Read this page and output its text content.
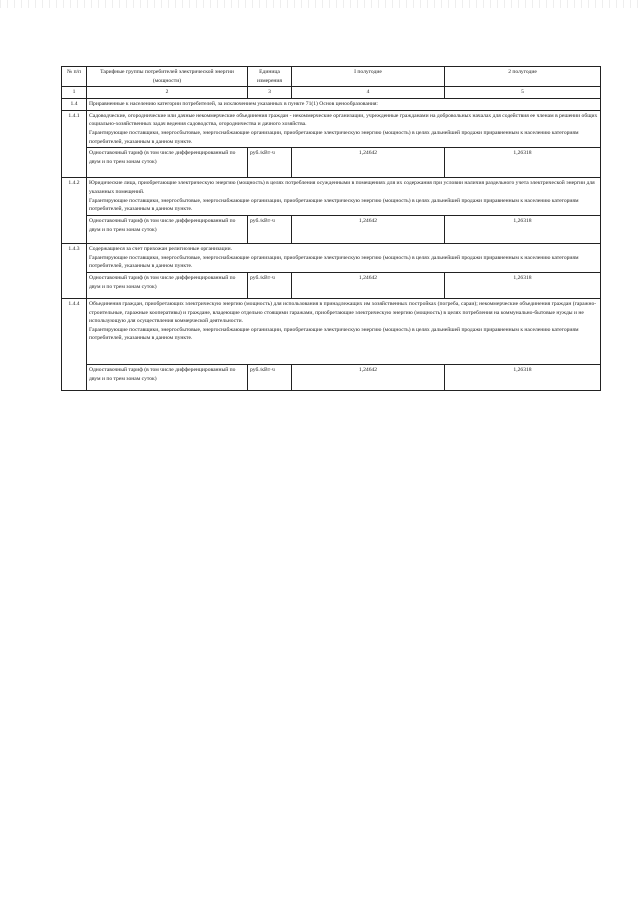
№ п/п	Тарифные группы потребителей электрической энергии (мощности)	Единица измерения	I полугодие	2 полугодие
1	2	3	4	5
1.4	Приравненные к населению категории потребителей, за исключением указанных в пункте 71(1) Основ ценообразования:			
1.4.1	Садоводческие, огороднические или дачные некоммерческие объединения граждан - некоммерческие организации, учрежденные гражданами на добровольных началах для содействия ее членам в решении общих социально-хозяйственных задач ведения садоводства, огородничества и дачного хозяйства.
Гарантирующие поставщики, энергосбытовые, энергоснабжающие организации, приобретающие электрическую энергию (мощность) в целях дальнейшей продажи приравненным к населению категориям потребителей, указанным в данном пункте.			

	Одноставочный тариф (в том числе дифференцированный по двум и по трем зонам суток)	руб./кВт·ч	1,24642	1,26318
1.4.2	Юридические лица, приобретающие электрическую энергию (мощность) в целях потребления осужденными в помещениях для их содержания при условии наличия раздельного учета электрической энергии для указанных помещений.
Гарантирующие поставщики, энергосбытовые, энергоснабжающие организации, приобретающие электрическую энергию (мощность) в целях дальнейшей продажи приравненным к населению категориям потребителей, указанным в данном пункте.			

	Одноставочный тариф (в том числе дифференцированный по двум и по трем зонам суток)	руб./кВт·ч	1,24642	1,26318
1.4.3	Содержащиеся за счет прихожан религиозные организации.
Гарантирующие поставщики, энергосбытовые, энергоснабжающие организации, приобретающие электрическую энергию (мощность) в целях дальнейшей продажи приравненным к населению категориям потребителей, указанным в данном пункте.			

	Одноставочный тариф (в том числе дифференцированный по двум и по трем зонам суток)	руб./кВт·ч	1,24642	1,26318
1.4.4	Объединения граждан, приобретающих электрическую энергию (мощность) для использования в принадлежащих им хозяйственных постройках (погреба, сараи); некоммерческие объединения граждан (гаражно-строительные, гаражные кооперативы) и граждане, владеющие отдельно стоящими гаражами, приобретающие электрическую энергию (мощность) в целях потребления на коммунально-бытовые нужды и не использующую для осуществления коммерческой деятельности.
Гарантирующие поставщики, энергосбытовые, энергоснабжающие организации, приобретающие электрическую энергию (мощность) в целях дальнейшей продажи приравненным к населению категориям потребителей, указанным в данном пункте.			

	Одноставочный тариф (в том числе дифференцированный по двум и по трем зонам суток)	руб./кВт·ч	1,24642	1,26318
